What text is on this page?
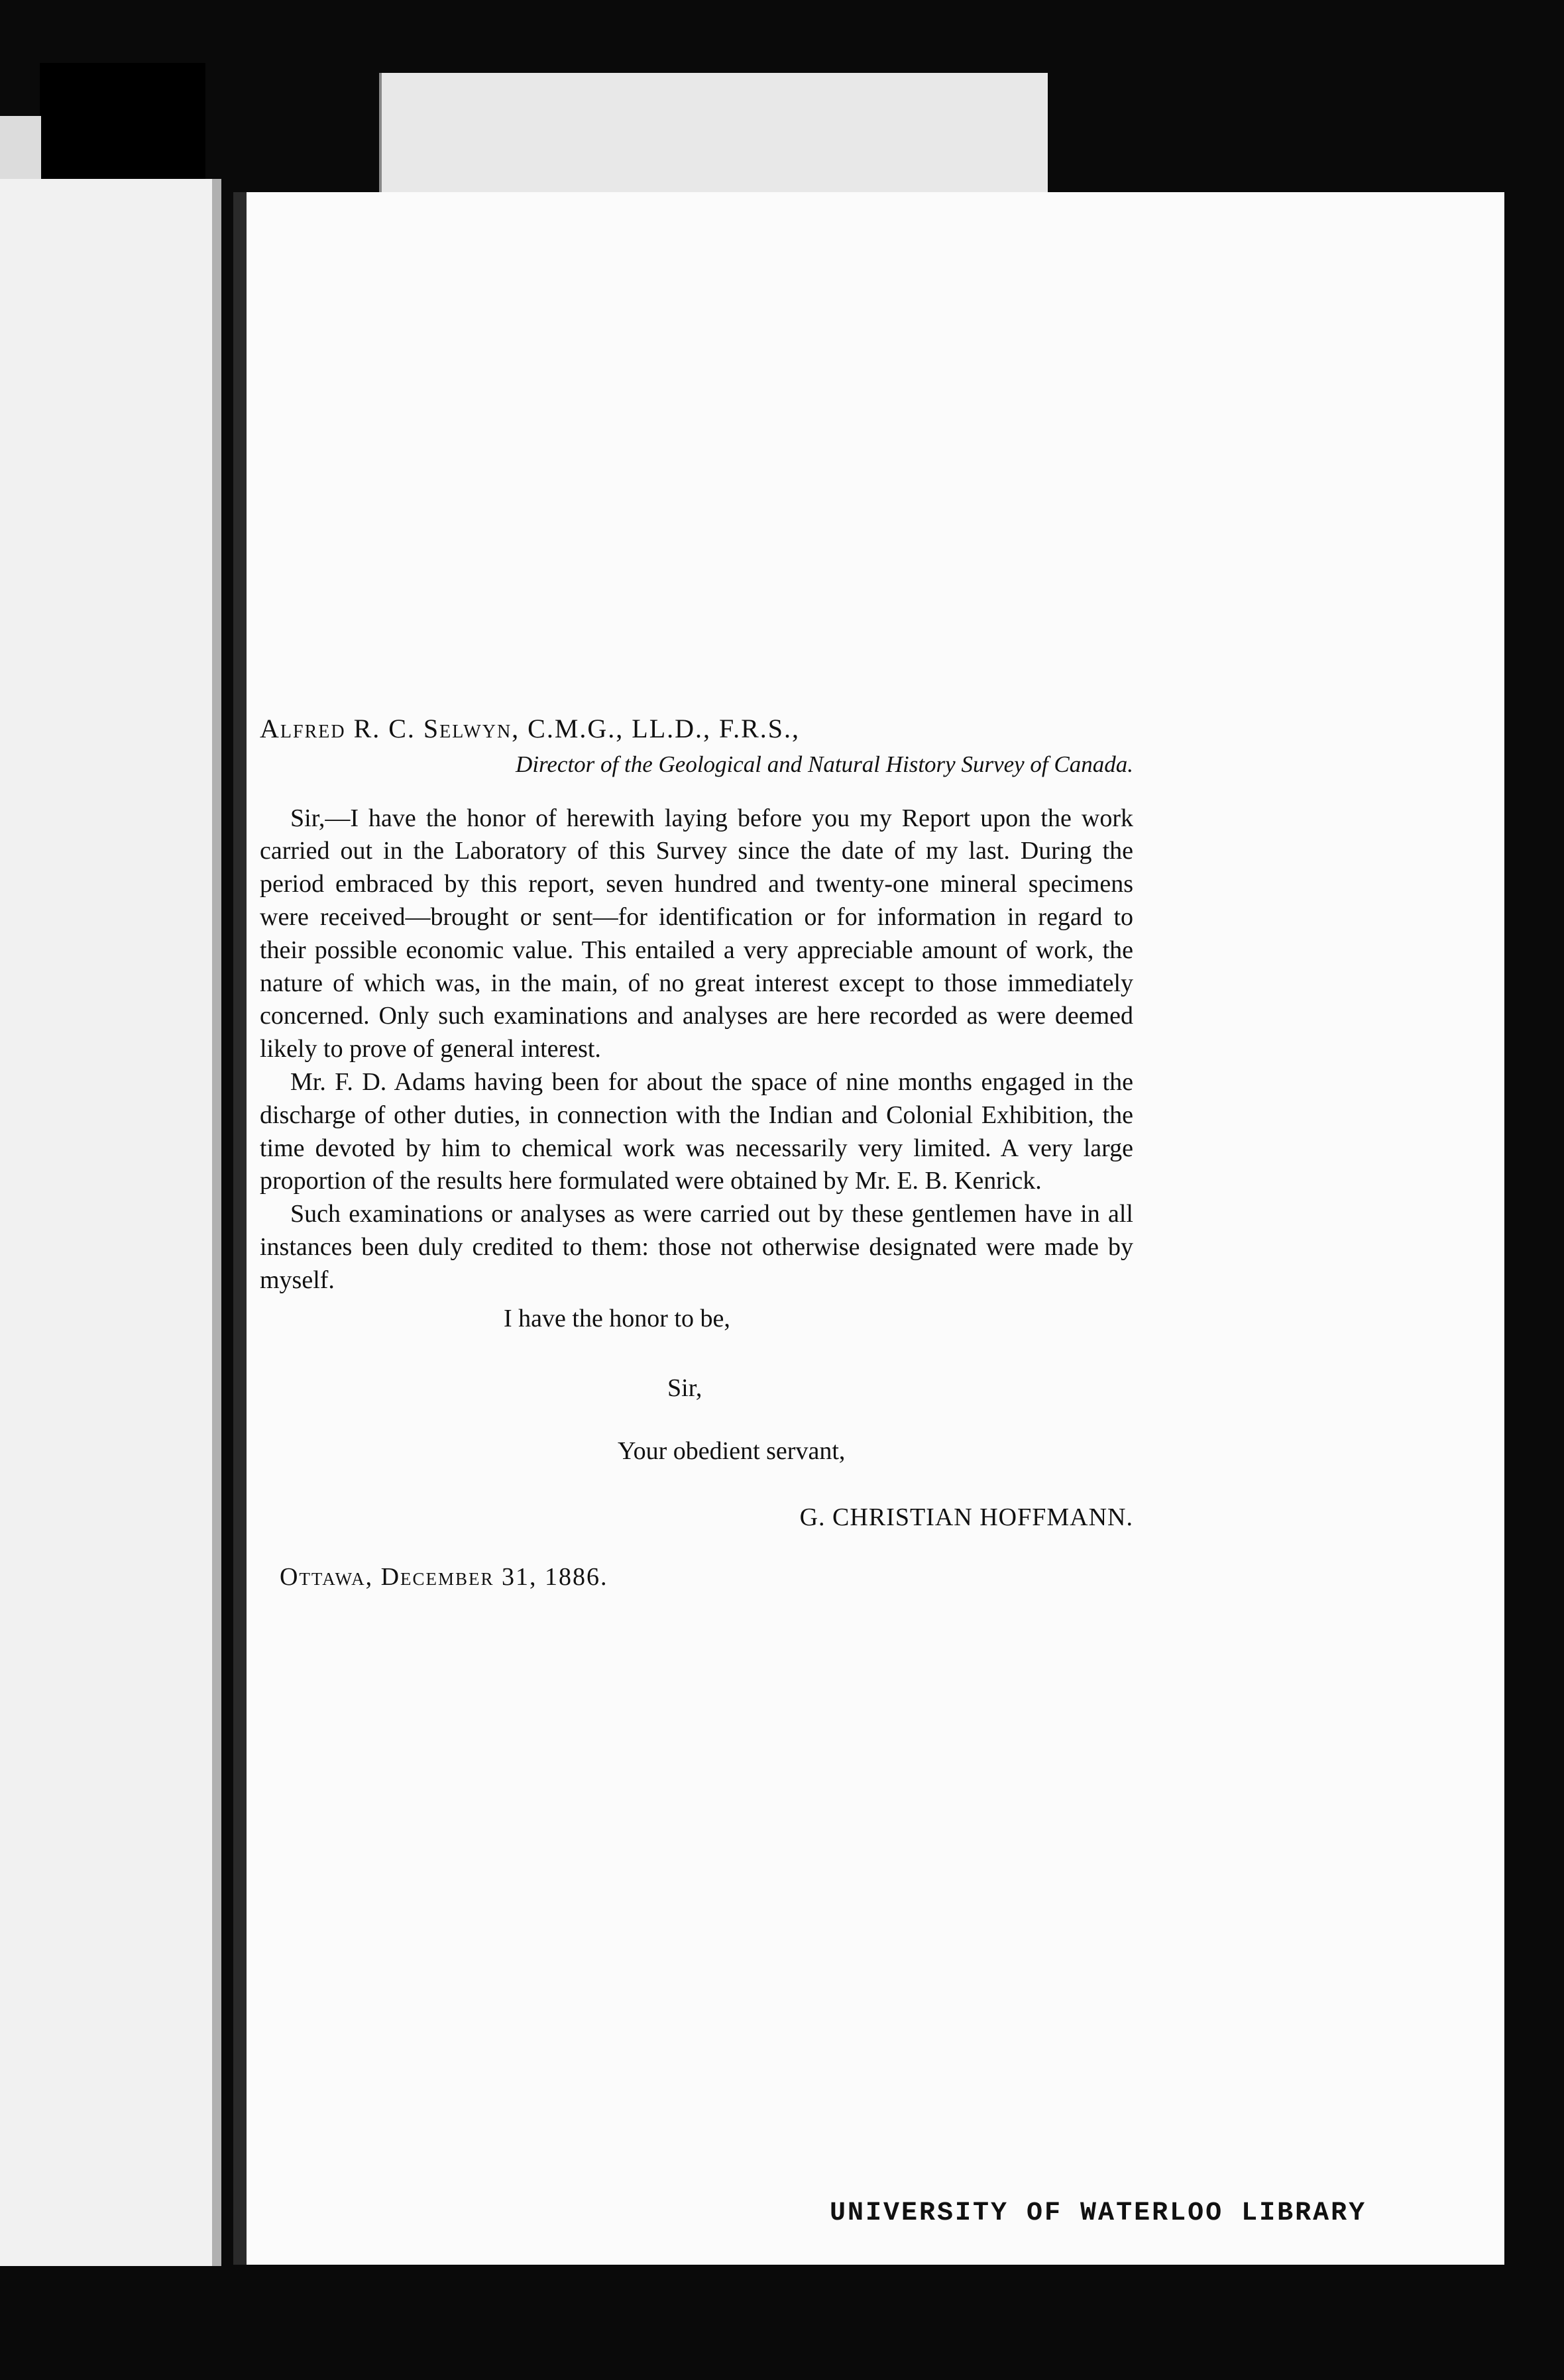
Alfred R. C. Selwyn, C.M.G., LL.D., F.R.S.,

Director of the Geological and Natural History Survey of Canada.

Sir,—I have the honor of herewith laying before you my Report upon the work carried out in the Laboratory of this Survey since the date of my last. During the period embraced by this report, seven hundred and twenty-one mineral specimens were received—brought or sent—for identification or for information in regard to their possible economic value. This entailed a very appreciable amount of work, the nature of which was, in the main, of no great interest except to those immediately concerned. Only such examinations and analyses are here recorded as were deemed likely to prove of general interest.

Mr. F. D. Adams having been for about the space of nine months engaged in the discharge of other duties, in connection with the Indian and Colonial Exhibition, the time devoted by him to chemical work was necessarily very limited. A very large proportion of the results here formulated were obtained by Mr. E. B. Kenrick.

Such examinations or analyses as were carried out by these gentlemen have in all instances been duly credited to them: those not otherwise designated were made by myself.

I have the honor to be,

Sir,

Your obedient servant,

G. CHRISTIAN HOFFMANN.

Ottawa, December 31, 1886.

UNIVERSITY OF WATERLOO LIBRARY
